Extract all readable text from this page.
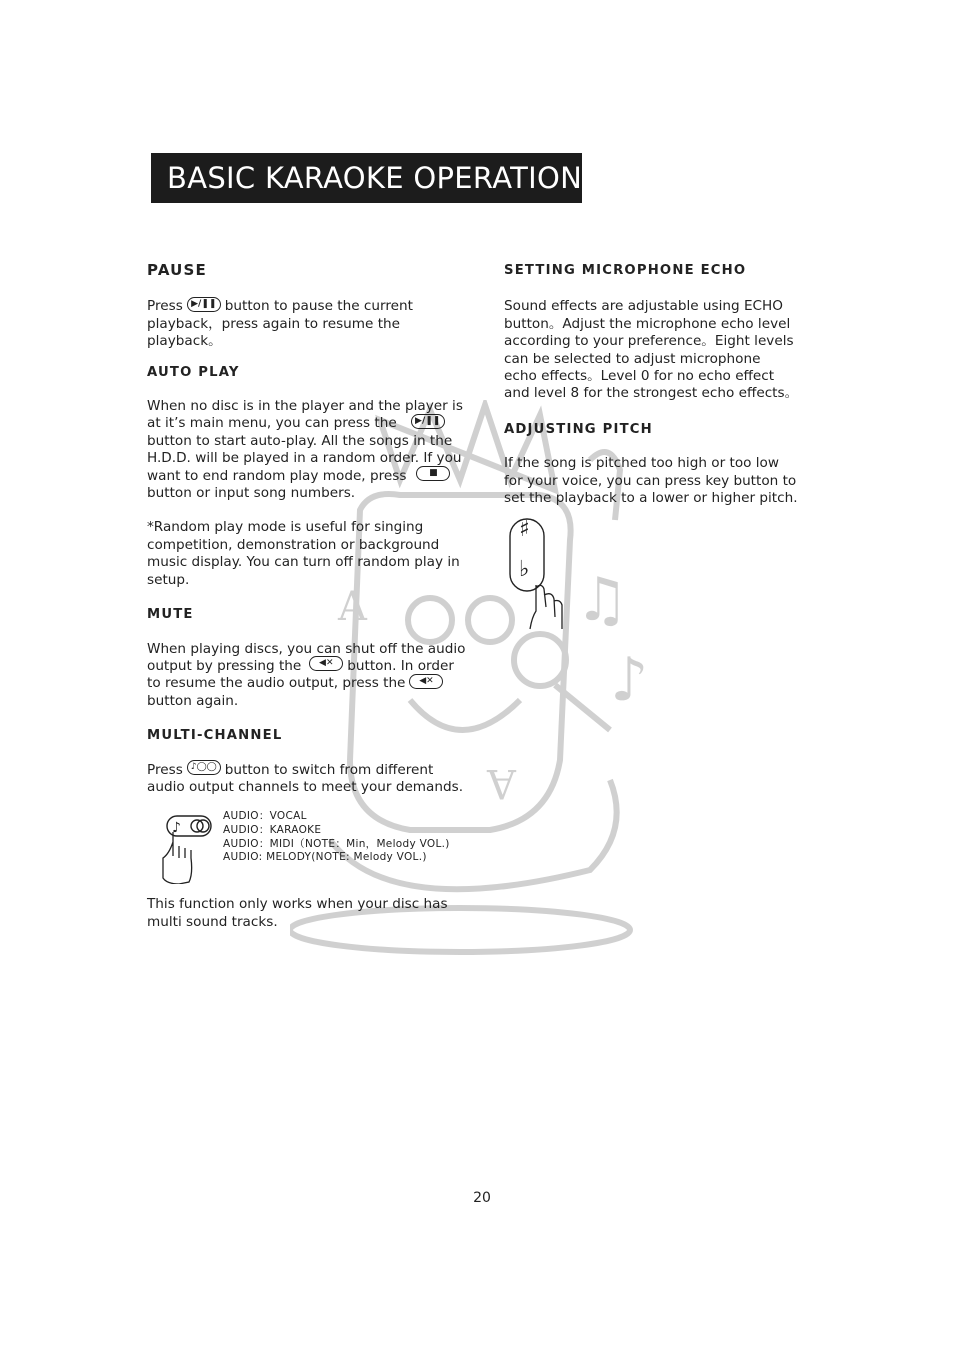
BASIC KARAOKE OPERATION
A
A
♫
♪
PAUSE

Press ▶/❚❚ button to pause the current
playback，press again to resume the
playback。

AUTO PLAY

When no disc is in the player and the player is
at it’s main menu, you can press the ▶/❚❚
button to start auto-play. All the songs in the
H.D.D. will be played in a random order. If you
want to end random play mode, press	■
button or input song numbers.

*Random play mode is useful for singing competition, demonstration or background music display. You can turn off random play in setup.

MUTE

When playing discs, you can shut off the audio
output by pressing the ◀✕ button. In order
to resume the audio output, press the ◀✕
button again.

MULTI-CHANNEL

Press ♪◯◯ button to switch from different
audio output channels to meet your demands.

♪
AUDIO：VOCAL
AUDIO：KARAOKE
AUDIO：MIDI（NOTE：Min，Melody VOL.)
AUDIO: MELODY(NOTE: Melody VOL.)

This function only works when your disc has multi sound tracks.

SETTING MICROPHONE ECHO

Sound effects are adjustable using ECHO
button。Adjust the microphone echo level
according to your preference。Eight levels
can be selected to adjust microphone
echo effects。Level 0 for no echo effect
and level 8 for the strongest echo effects。

ADJUSTING PITCH

If the song is pitched too high or too low
for your voice, you can press key button to
set the playback to a lower or higher pitch.

♯
♭
20
